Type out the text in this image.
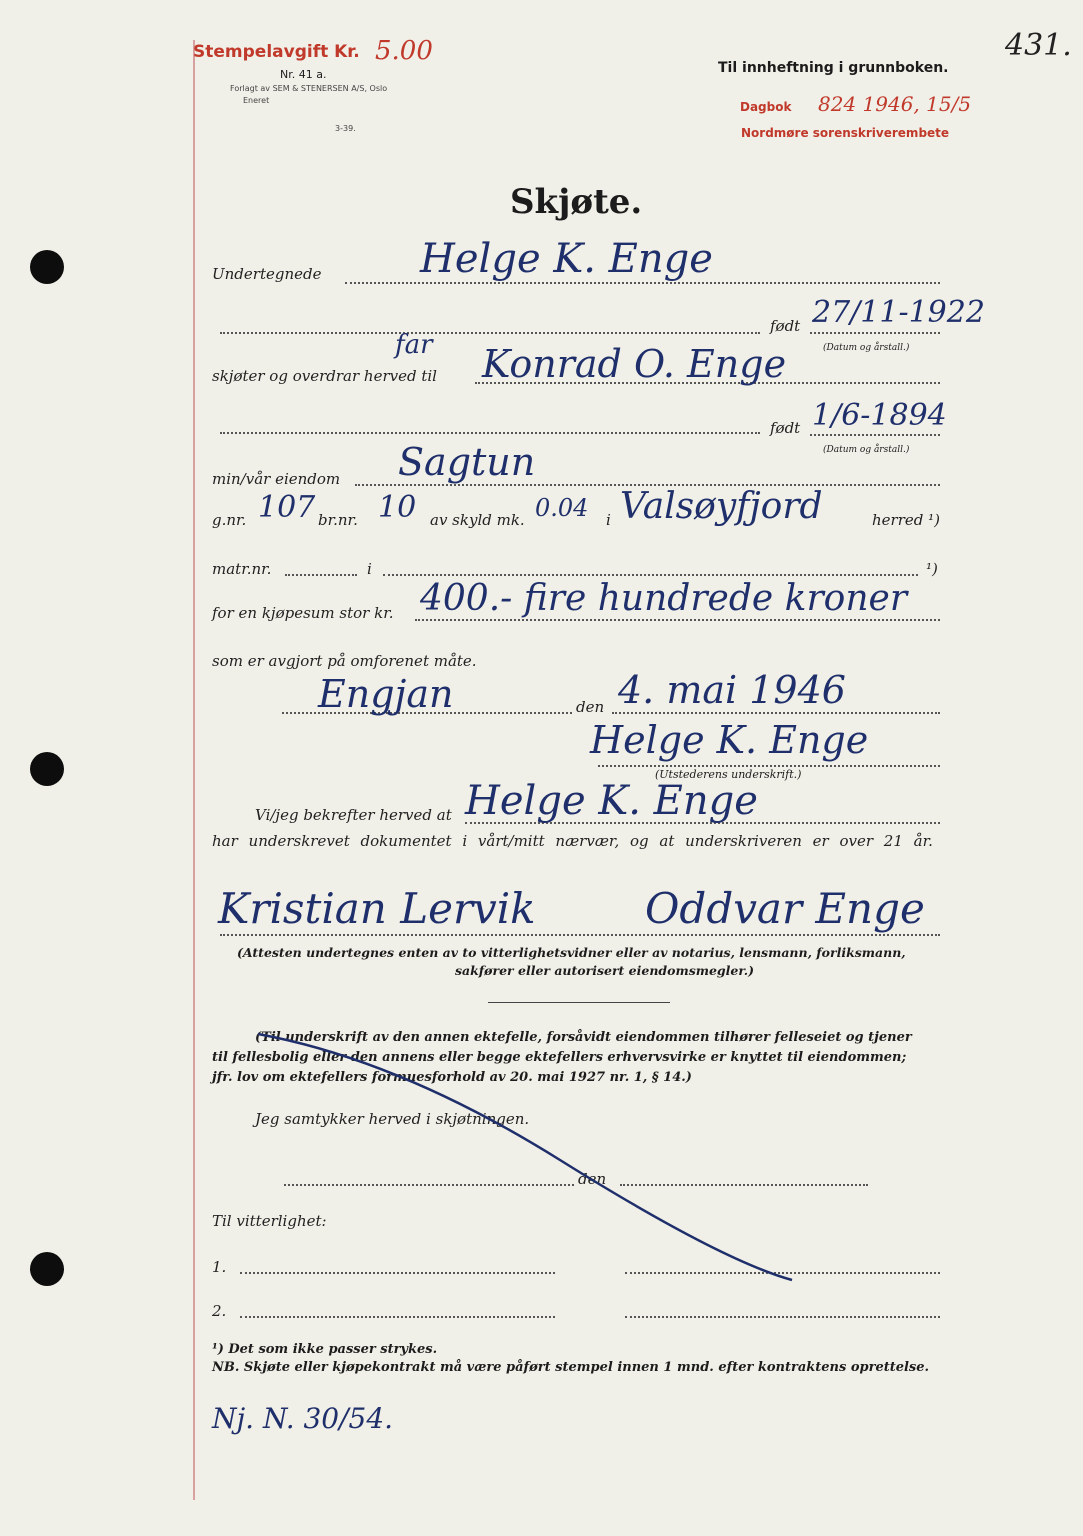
Stempelavgift Kr. 5.00
Nr. 41 a.
Forlagt av SEM & STENERSEN A/S, Oslo
Eneret
3-39.
Til innheftning i grunnboken.
Dagbok 824 1946, 15/5
Nordmøre sorenskriverembete
431.
Skjøte.
Undertegnede Helge K. Enge
født 27/11-1922
(Datum og årstall.)
far
skjøter og overdrar herved til Konrad O. Enge
født 1/6-1894
(Datum og årstall.)
min/vår eiendom Sagtun
g.nr. 107 br.nr. 10 av skyld mk. 0.04 i Valsøyfjord	herred ¹)
matr.nr.	i	¹)
for en kjøpesum stor kr. 400.- fire hundrede kroner
som er avgjort på omforenet måte.
Engjan	den 4. mai 1946
Helge K. Enge
(Utstederens underskrift.)
Vi/jeg bekrefter herved at Helge K. Enge
har underskrevet dokumentet i vårt/mitt nærvær, og at underskriveren er over 21 år.
Kristian Lervik	Oddvar Enge
(Attesten undertegnes enten av to vitterlighetsvidner eller av notarius, lensmann, forliksmann,
sakfører eller autorisert eiendomsmegler.)
(Til underskrift av den annen ektefelle, forsåvidt eiendommen tilhører felleseiet og tjener
til fellesbolig eller den annens eller begge ektefellers erhvervsvirke er knyttet til eiendommen;
jfr. lov om ektefellers formuesforhold av 20. mai 1927 nr. 1, § 14.)
Jeg samtykker herved i skjøtningen.
den
Til vitterlighet:
1.
2.
¹) Det som ikke passer strykes.
NB. Skjøte eller kjøpekontrakt må være påført stempel innen 1 mnd. efter kontraktens oprettelse.
Nj. N. 30/54.
